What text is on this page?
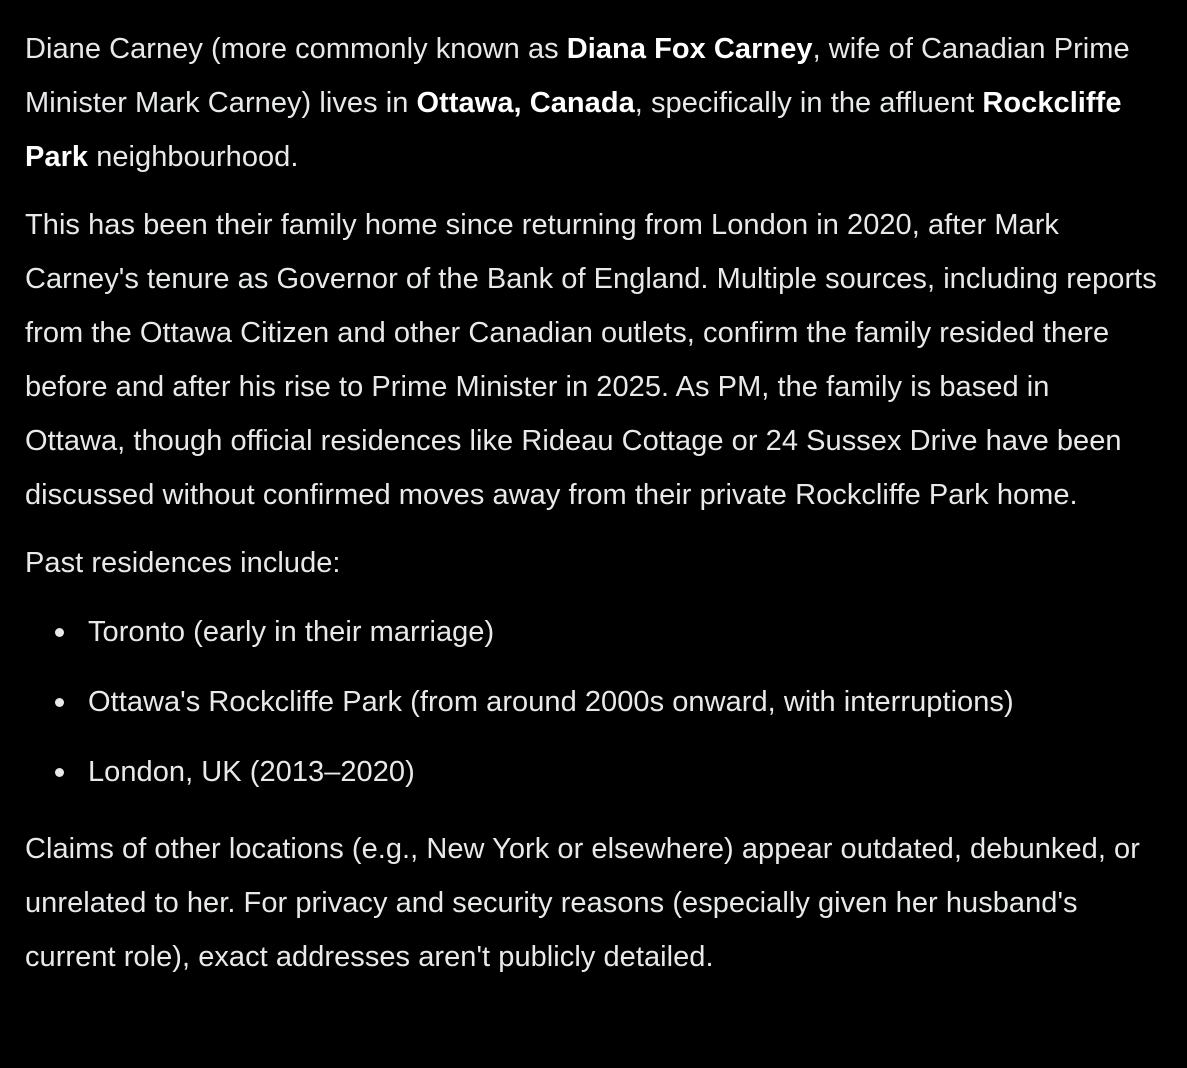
Diane Carney (more commonly known as Diana Fox Carney, wife of Canadian Prime Minister Mark Carney) lives in Ottawa, Canada, specifically in the affluent Rockcliffe Park neighbourhood.

This has been their family home since returning from London in 2020, after Mark Carney's tenure as Governor of the Bank of England. Multiple sources, including reports from the Ottawa Citizen and other Canadian outlets, confirm the family resided there before and after his rise to Prime Minister in 2025. As PM, the family is based in Ottawa, though official residences like Rideau Cottage or 24 Sussex Drive have been discussed without confirmed moves away from their private Rockcliffe Park home.

Past residences include:

Toronto (early in their marriage)
Ottawa's Rockcliffe Park (from around 2000s onward, with interruptions)
London, UK (2013–2020)

Claims of other locations (e.g., New York or elsewhere) appear outdated, debunked, or unrelated to her. For privacy and security reasons (especially given her husband's current role), exact addresses aren't publicly detailed.
